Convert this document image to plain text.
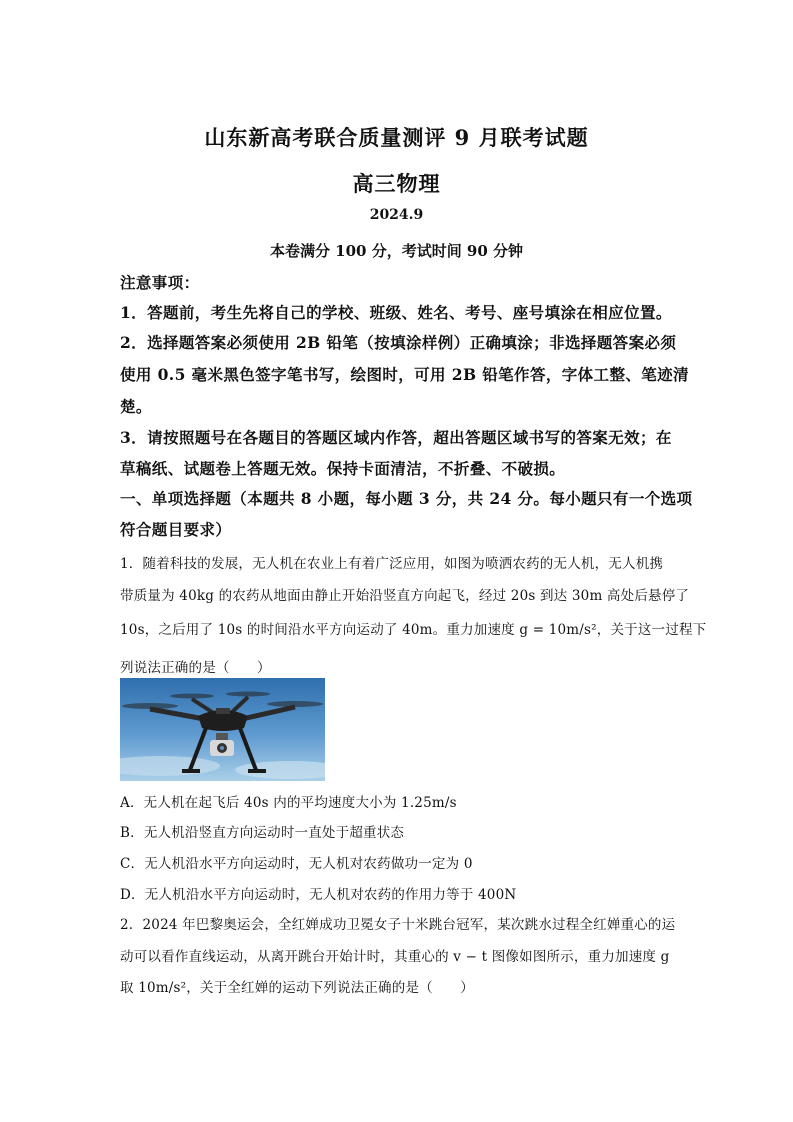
山东新高考联合质量测评 9 月联考试题
高三物理
2024.9
本卷满分 100 分，考试时间 90 分钟
注意事项：
1．答题前，考生先将自己的学校、班级、姓名、考号、座号填涂在相应位置。
2．选择题答案必须使用 2B 铅笔（按填涂样例）正确填涂；非选择题答案必须
使用 0.5 毫米黑色签字笔书写，绘图时，可用 2B 铅笔作答，字体工整、笔迹清
楚。
3．请按照题号在各题目的答题区域内作答，超出答题区域书写的答案无效；在
草稿纸、试题卷上答题无效。保持卡面清洁，不折叠、不破损。
一、单项选择题（本题共 8 小题，每小题 3 分，共 24 分。每小题只有一个选项
符合题目要求）
1．随着科技的发展，无人机在农业上有着广泛应用，如图为喷洒农药的无人机，无人机携
带质量为 40kg 的农药从地面由静止开始沿竖直方向起飞，经过 20s 到达 30m 高处后悬停了
10s，之后用了 10s 的时间沿水平方向运动了 40m。重力加速度 g = 10m/s²，关于这一过程下
列说法正确的是（　　）
A．无人机在起飞后 40s 内的平均速度大小为 1.25m/s
B．无人机沿竖直方向运动时一直处于超重状态
C．无人机沿水平方向运动时，无人机对农药做功一定为 0
D．无人机沿水平方向运动时，无人机对农药的作用力等于 400N
2．2024 年巴黎奥运会，全红婵成功卫冕女子十米跳台冠军，某次跳水过程全红婵重心的运
动可以看作直线运动，从离开跳台开始计时，其重心的 v − t 图像如图所示，重力加速度 g
取 10m/s²，关于全红婵的运动下列说法正确的是（　　）
